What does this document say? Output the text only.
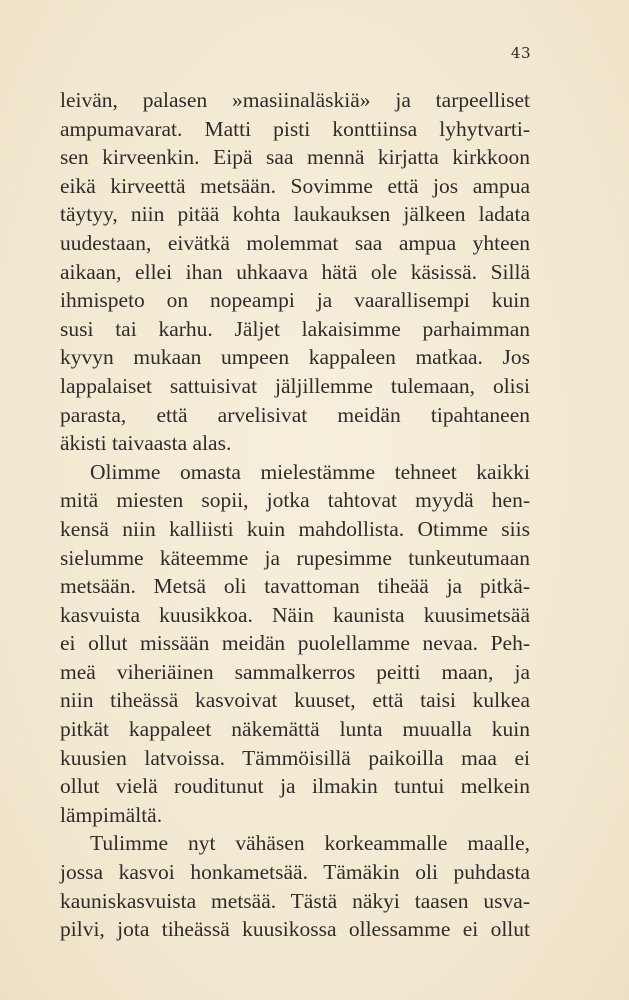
43
leivän, palasen »masiinaläskiä» ja tarpeelliset
ampumavarat. Matti pisti konttiinsa lyhytvarti-
sen kirveenkin. Eipä saa mennä kirjatta kirkkoon
eikä kirveettä metsään. Sovimme että jos ampua
täytyy, niin pitää kohta laukauksen jälkeen ladata
uudestaan, eivätkä molemmat saa ampua yhteen
aikaan, ellei ihan uhkaava hätä ole käsissä. Sillä
ihmispeto on nopeampi ja vaarallisempi kuin
susi tai karhu. Jäljet lakaisimme parhaimman
kyvyn mukaan umpeen kappaleen matkaa. Jos
lappalaiset sattuisivat jäljillemme tulemaan, olisi
parasta, että arvelisivat meidän tipahtaneen
äkisti taivaasta alas.
Olimme omasta mielestämme tehneet kaikki
mitä miesten sopii, jotka tahtovat myydä hen-
kensä niin kalliisti kuin mahdollista. Otimme siis
sielumme käteemme ja rupesimme tunkeutumaan
metsään. Metsä oli tavattoman tiheää ja pitkä-
kasvuista kuusikkoa. Näin kaunista kuusimetsää
ei ollut missään meidän puolellamme nevaa. Peh-
meä viheriäinen sammalkerros peitti maan, ja
niin tiheässä kasvoivat kuuset, että taisi kulkea
pitkät kappaleet näkemättä lunta muualla kuin
kuusien latvoissa. Tämmöisillä paikoilla maa ei
ollut vielä rouditunut ja ilmakin tuntui melkein
lämpimältä.
Tulimme nyt vähäsen korkeammalle maalle,
jossa kasvoi honkametsää. Tämäkin oli puhdasta
kauniskasvuista metsää. Tästä näkyi taasen usva-
pilvi, jota tiheässä kuusikossa ollessamme ei ollut
